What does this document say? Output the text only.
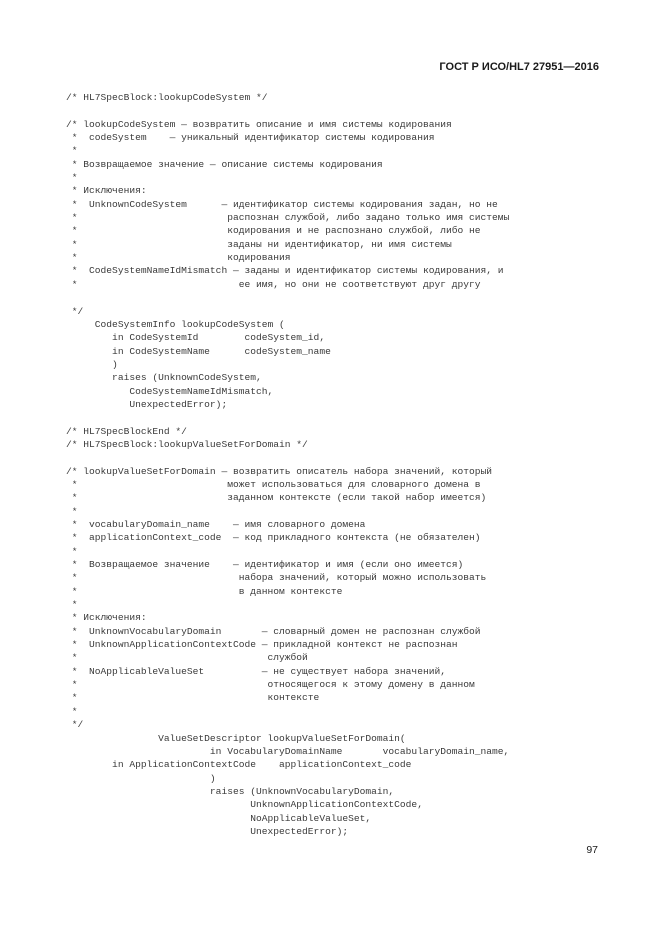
ГОСТ Р ИСО/HL7 27951—2016
/* HL7SpecBlock:lookupCodeSystem */
/* lookupCodeSystem — возвратить описание и имя системы кодирования
*  codeSystem    — уникальный идентификатор системы кодирования
*
* Возвращаемое значение — описание системы кодирования
*
* Исключения:
*  UnknownCodeSystem      — идентификатор системы кодирования задан, но не
*                          распознан службой, либо задано только имя системы
*                          кодирования и не распознано службой, либо не
*                          заданы ни идентификатор, ни имя системы
*                          кодирования
*  CodeSystemNameIdMismatch — заданы и идентификатор системы кодирования, и
*                            ее имя, но они не соответствуют друг другу
*/
CodeSystemInfo lookupCodeSystem (
in CodeSystemId        codeSystem_id,
in CodeSystemName      codeSystem_name
)
raises (UnknownCodeSystem,
CodeSystemNameIdMismatch,
UnexpectedError);
/* HL7SpecBlockEnd */
/* HL7SpecBlock:lookupValueSetForDomain */
/* lookupValueSetForDomain — возвратить описатель набора значений, который
*                          может использоваться для словарного домена в
*                          заданном контексте (если такой набор имеется)
*
*  vocabularyDomain_name    — имя словарного домена
*  applicationContext_code  — код прикладного контекста (не обязателен)
*
*  Возвращаемое значение    — идентификатор и имя (если оно имеется)
*                            набора значений, который можно использовать
*                            в данном контексте
*
* Исключения:
*  UnknownVocabularyDomain       — словарный домен не распознан службой
*  UnknownApplicationContextCode — прикладной контекст не распознан
*                                 службой
*  NoApplicableValueSet          — не существует набора значений,
*                                 относящегося к этому домену в данном
*                                 контексте
*
*/
ValueSetDescriptor lookupValueSetForDomain(
in VocabularyDomainName       vocabularyDomain_name,
in ApplicationContextCode    applicationContext_code
)
raises (UnknownVocabularyDomain,
UnknownApplicationContextCode,
NoApplicableValueSet,
UnexpectedError);
97
